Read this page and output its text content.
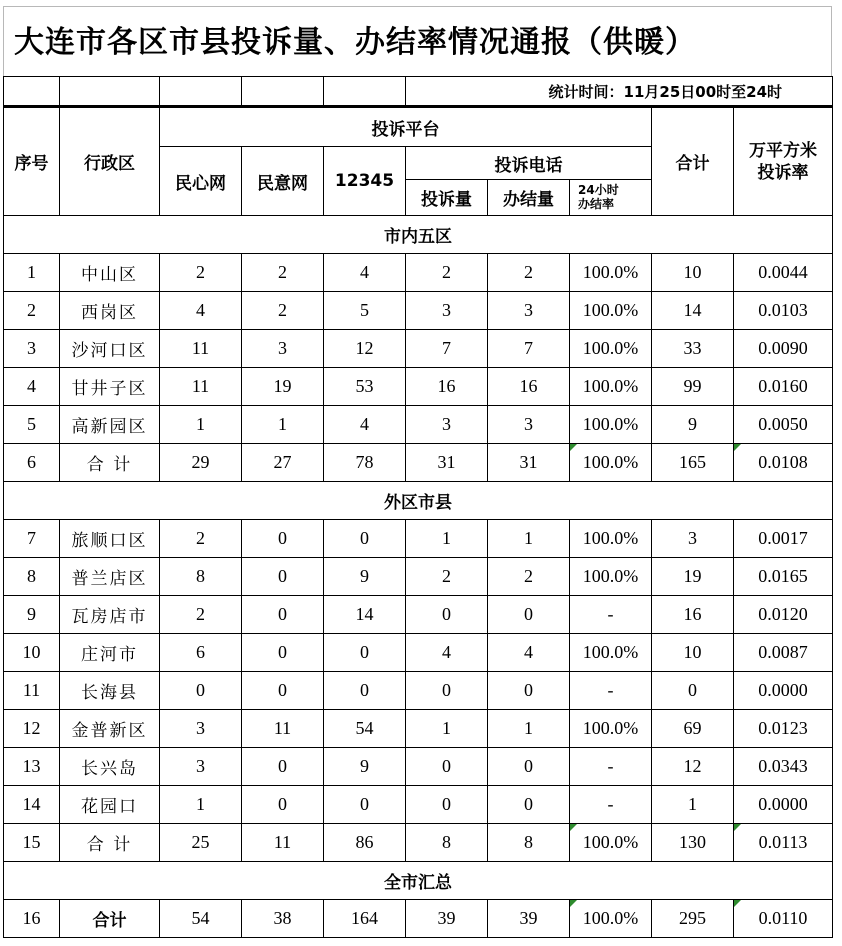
大连市各区市县投诉量、办结率情况通报（供暖）
					统计时间：11月25日00时至24时				
序号	行政区	投诉平台						合计	万平方米投诉率
		民心网	民意网	12345	投诉电话				
					投诉量	办结量	24小时办结率		

市内五区									
1	中山区	2	2	4	2	2	100.0%	10	0.0044
2	西岗区	4	2	5	3	3	100.0%	14	0.0103
3	沙河口区	11	3	12	7	7	100.0%	33	0.0090
4	甘井子区	11	19	53	16	16	100.0%	99	0.0160
5	高新园区	1	1	4	3	3	100.0%	9	0.0050
6	合 计	29	27	78	31	31	100.0%	165	0.0108
外区市县									
7	旅顺口区	2	0	0	1	1	100.0%	3	0.0017
8	普兰店区	8	0	9	2	2	100.0%	19	0.0165
9	瓦房店市	2	0	14	0	0	-	16	0.0120
10	庄河市	6	0	0	4	4	100.0%	10	0.0087
11	长海县	0	0	0	0	0	-	0	0.0000
12	金普新区	3	11	54	1	1	100.0%	69	0.0123
13	长兴岛	3	0	9	0	0	-	12	0.0343
14	花园口	1	0	0	0	0	-	1	0.0000
15	合 计	25	11	86	8	8	100.0%	130	0.0113
全市汇总									
16	合计	54	38	164	39	39	100.0%	295	0.0110
